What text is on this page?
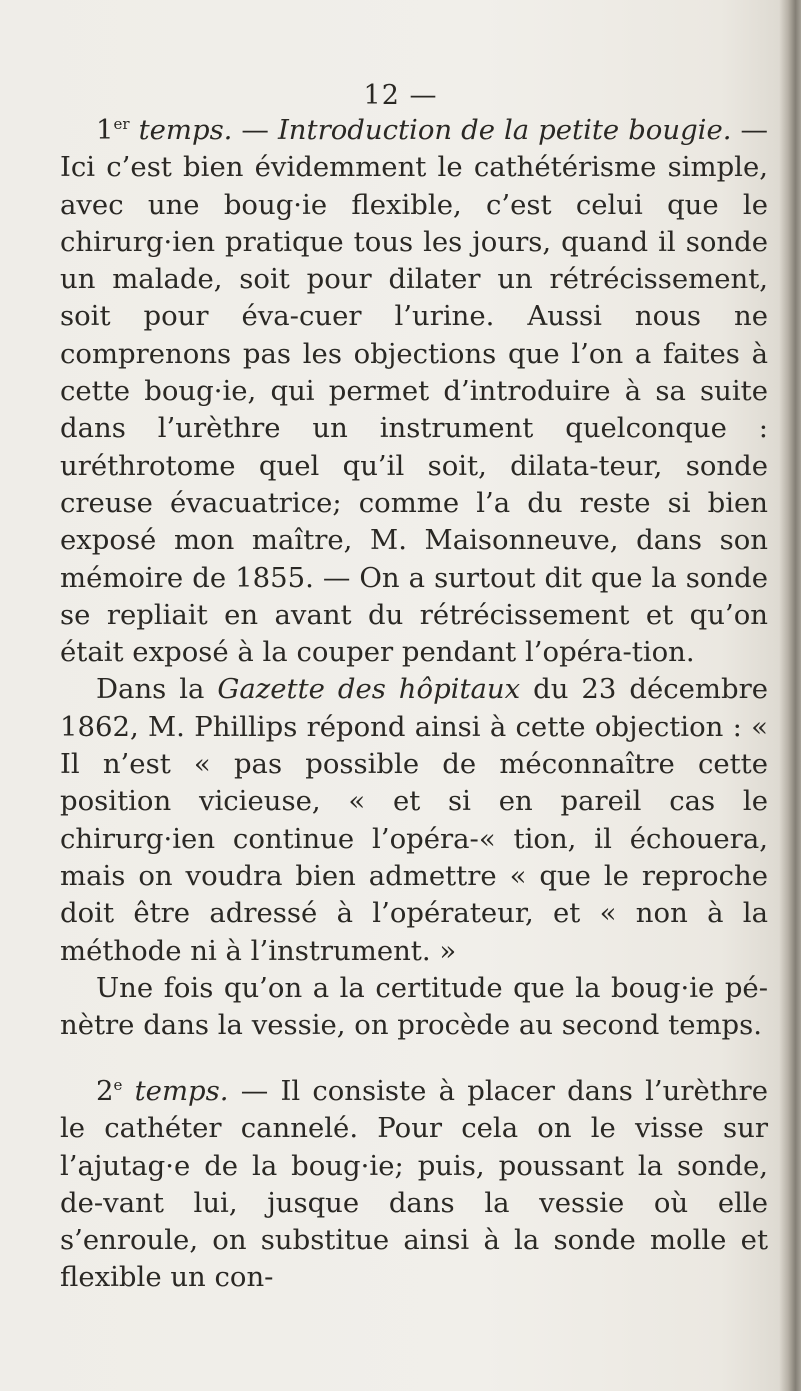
12 —

1er temps. — Introduction de la petite bougie. — Ici c’est bien évidemment le cathétérisme simple, avec une boug·ie flexible, c’est celui que le chirurg·ien pratique tous les jours, quand il sonde un malade, soit pour dilater un rétrécissement, soit pour éva-cuer l’urine. Aussi nous ne comprenons pas les objections que l’on a faites à cette boug·ie, qui permet d’introduire à sa suite dans l’urèthre un instrument quelconque : uréthrotome quel qu’il soit, dilata-teur, sonde creuse évacuatrice; comme l’a du reste si bien exposé mon maître, M. Maisonneuve, dans son mémoire de 1855. — On a surtout dit que la sonde se repliait en avant du rétrécissement et qu’on était exposé à la couper pendant l’opéra-tion.

Dans la Gazette des hôpitaux du 23 décembre 1862, M. Phillips répond ainsi à cette objection : « Il n’est « pas possible de méconnaître cette position vicieuse, « et si en pareil cas le chirurg·ien continue l’opéra-« tion, il échouera, mais on voudra bien admettre « que le reproche doit être adressé à l’opérateur, et « non à la méthode ni à l’instrument. »

Une fois qu’on a la certitude que la boug·ie pé-nètre dans la vessie, on procède au second temps.

2e temps. — Il consiste à placer dans l’urèthre le cathéter cannelé. Pour cela on le visse sur l’ajutag·e de la boug·ie; puis, poussant la sonde, de-vant lui, jusque dans la vessie où elle s’enroule, on substitue ainsi à la sonde molle et flexible un con-
